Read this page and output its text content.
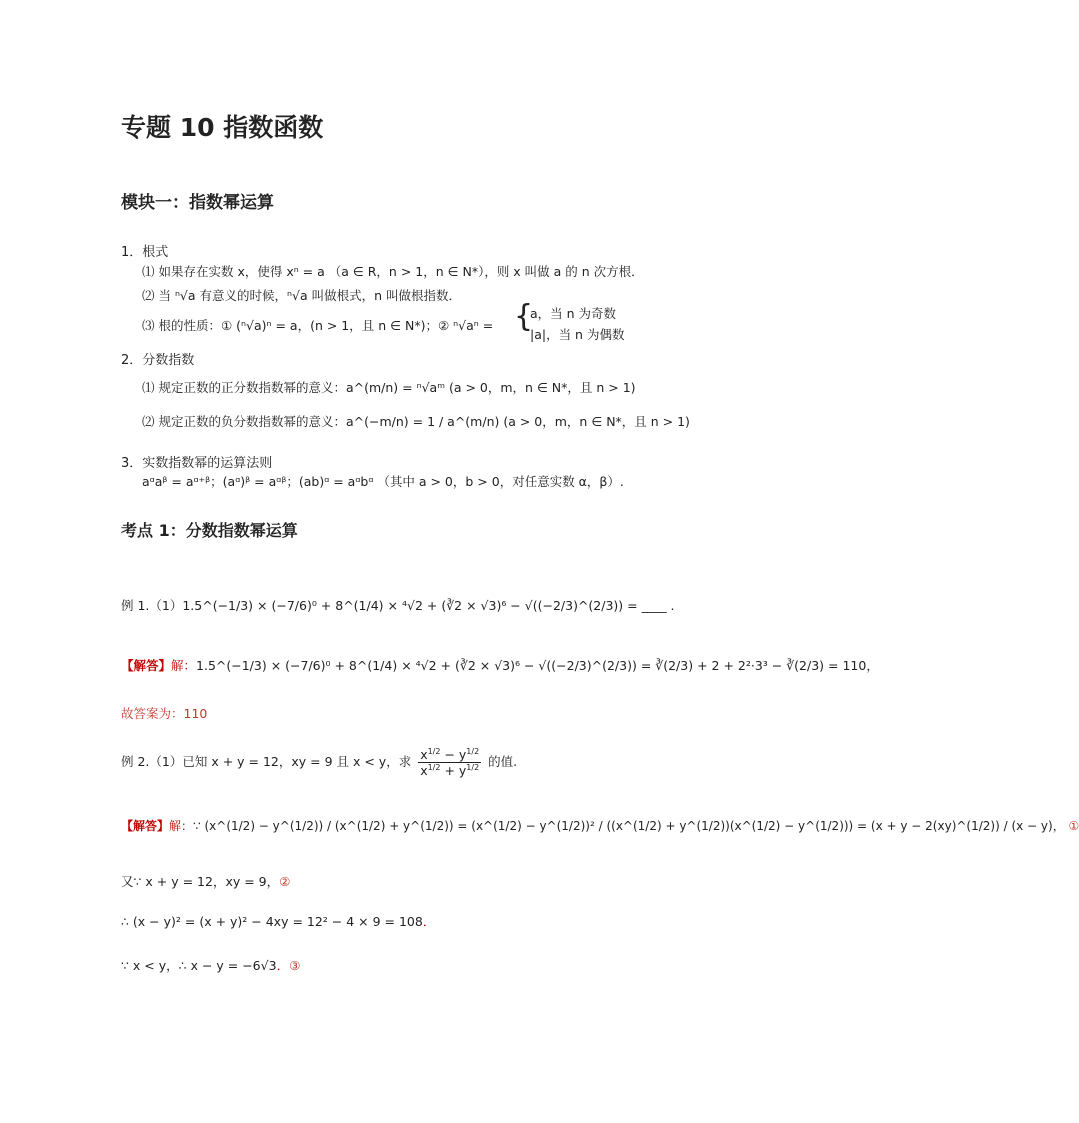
专题 10 指数函数
模块一：指数幂运算
1．根式
⑴ 如果存在实数 x，使得 xⁿ = a （a ∈ R，n > 1，n ∈ N*），则 x 叫做 a 的 n 次方根．
⑵ 当 ⁿ√a 有意义的时候，ⁿ√a 叫做根式，n 叫做根指数．
⑶ 根的性质：① (ⁿ√a)ⁿ = a，(n > 1，且 n ∈ N*)；② ⁿ√aⁿ = {
a，当 n 为奇数
|a|，当 n 为偶数
2．分数指数
⑴ 规定正数的正分数指数幂的意义：a^(m/n) = ⁿ√aᵐ (a > 0，m，n ∈ N*，且 n > 1)
⑵ 规定正数的负分数指数幂的意义：a^(−m/n) = 1 / a^(m/n) (a > 0，m，n ∈ N*，且 n > 1)
3．实数指数幂的运算法则
aᵅaᵝ = aᵅ⁺ᵝ；(aᵅ)ᵝ = aᵅᵝ；(ab)ᵅ = aᵅbᵅ （其中 a > 0，b > 0，对任意实数 α，β）.
考点 1：分数指数幂运算
例 1.（1）1.5^(−1/3) × (−7/6)⁰ + 8^(1/4) × ⁴√2 + (∛2 × √3)⁶ − √((−2/3)^(2/3)) = ____ .
【解答】解：1.5^(−1/3) × (−7/6)⁰ + 8^(1/4) × ⁴√2 + (∛2 × √3)⁶ − √((−2/3)^(2/3)) = ∛(2/3) + 2 + 2²·3³ − ∛(2/3) = 110，
故答案为：110
例 2.（1）已知 x + y = 12，xy = 9 且 x < y，求 $\frac{x^{1/2} - y^{1/2}}{x^{1/2} + y^{1/2}}$ 的值.
【解答】解：∵ (x^(1/2) − y^(1/2)) / (x^(1/2) + y^(1/2)) = (x^(1/2) − y^(1/2))² / ((x^(1/2) + y^(1/2))(x^(1/2) − y^(1/2))) = (x + y − 2(xy)^(1/2)) / (x − y)， ①
又∵ x + y = 12，xy = 9，②
∴ (x − y)² = (x + y)² − 4xy = 12² − 4 × 9 = 108．
∵ x < y，∴ x − y = −6√3．③
